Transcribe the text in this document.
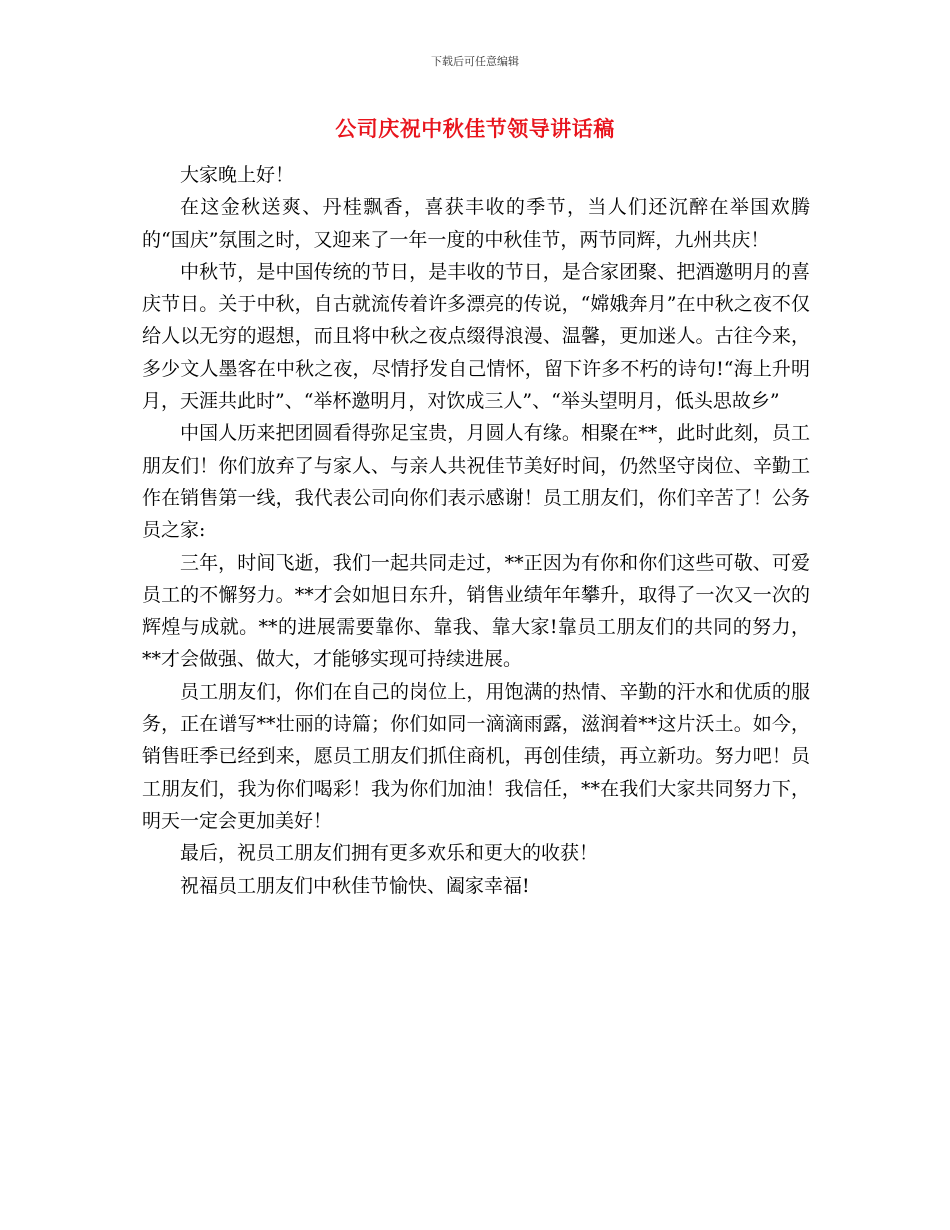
下载后可任意编辑
公司庆祝中秋佳节领导讲话稿

大家晚上好！

在这金秋送爽、丹桂飘香，喜获丰收的季节，当人们还沉醉在举国欢腾的“国庆”氛围之时，又迎来了一年一度的中秋佳节，两节同辉，九州共庆！

中秋节，是中国传统的节日，是丰收的节日，是合家团聚、把酒邀明月的喜庆节日。关于中秋，自古就流传着许多漂亮的传说，“嫦娥奔月”在中秋之夜不仅给人以无穷的遐想，而且将中秋之夜点缀得浪漫、温馨，更加迷人。古往今来，多少文人墨客在中秋之夜，尽情抒发自己情怀，留下许多不朽的诗句!“海上升明月，天涯共此时”、“举杯邀明月，对饮成三人”、“举头望明月，低头思故乡”

中国人历来把团圆看得弥足宝贵，月圆人有缘。相聚在**，此时此刻，员工朋友们！你们放弃了与家人、与亲人共祝佳节美好时间，仍然坚守岗位、辛勤工作在销售第一线，我代表公司向你们表示感谢！员工朋友们，你们辛苦了！公务员之家:

三年，时间飞逝，我们一起共同走过，**正因为有你和你们这些可敬、可爱员工的不懈努力。**才会如旭日东升，销售业绩年年攀升，取得了一次又一次的辉煌与成就。**的进展需要靠你、靠我、靠大家!靠员工朋友们的共同的努力，**才会做强、做大，才能够实现可持续进展。

员工朋友们，你们在自己的岗位上，用饱满的热情、辛勤的汗水和优质的服务，正在谱写**壮丽的诗篇；你们如同一滴滴雨露，滋润着**这片沃土。如今，销售旺季已经到来，愿员工朋友们抓住商机，再创佳绩，再立新功。努力吧！员工朋友们，我为你们喝彩！我为你们加油！我信任，**在我们大家共同努力下，明天一定会更加美好！

最后，祝员工朋友们拥有更多欢乐和更大的收获！

祝福员工朋友们中秋佳节愉快、阖家幸福!
